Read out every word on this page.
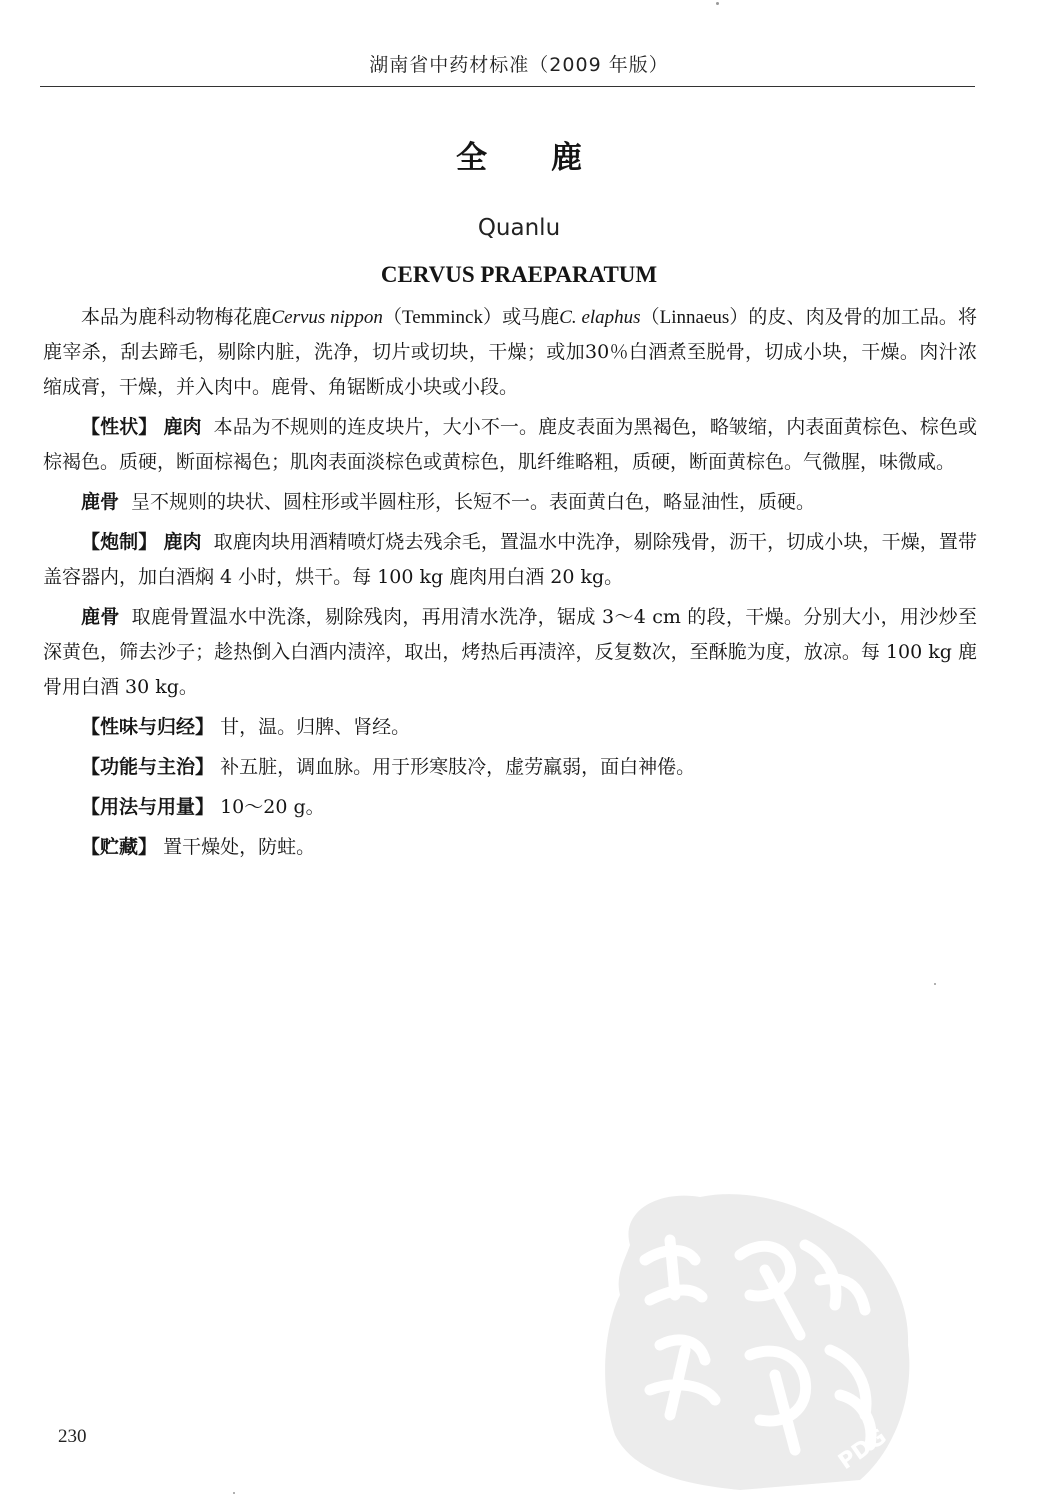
湖南省中药材标准（2009 年版）
全鹿
Quanlu
CERVUS PRAEPARATUM

本品为鹿科动物梅花鹿Cervus nippon（Temminck）或马鹿C. elaphus（Linnaeus）的皮、肉及骨的加工品。将鹿宰杀，刮去蹄毛，剔除内脏，洗净，切片或切块，干燥；或加30％白酒煮至脱骨，切成小块，干燥。肉汁浓缩成膏，干燥，并入肉中。鹿骨、角锯断成小块或小段。

【性状】 鹿肉 本品为不规则的连皮块片，大小不一。鹿皮表面为黑褐色，略皱缩，内表面黄棕色、棕色或棕褐色。质硬，断面棕褐色；肌肉表面淡棕色或黄棕色，肌纤维略粗，质硬，断面黄棕色。气微腥，味微咸。

鹿骨 呈不规则的块状、圆柱形或半圆柱形，长短不一。表面黄白色，略显油性，质硬。

【炮制】 鹿肉 取鹿肉块用酒精喷灯烧去残余毛，置温水中洗净，剔除残骨，沥干，切成小块，干燥，置带盖容器内，加白酒焖 4 小时，烘干。每 100 kg 鹿肉用白酒 20 kg。

鹿骨 取鹿骨置温水中洗涤，剔除残肉，再用清水洗净，锯成 3～4 cm 的段，干燥。分别大小，用沙炒至深黄色，筛去沙子；趁热倒入白酒内渍淬，取出，烤热后再渍淬，反复数次，至酥脆为度，放凉。每 100 kg 鹿骨用白酒 30 kg。

【性味与归经】 甘，温。归脾、肾经。

【功能与主治】 补五脏，调血脉。用于形寒肢冷，虚劳羸弱，面白神倦。

【用法与用量】 10～20 g。

【贮藏】 置干燥处，防蛀。

230	PDG
